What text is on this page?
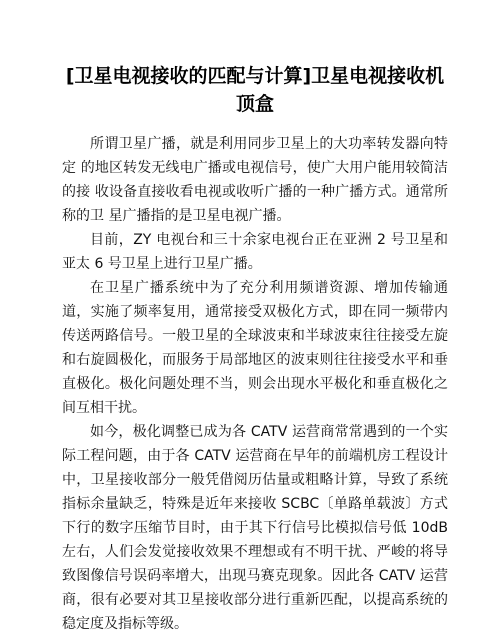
[卫星电视接收的匹配与计算]卫星电视接收机顶盒

所谓卫星广播，就是利用同步卫星上的大功率转发器向特定 的地区转发无线电广播或电视信号，使广大用户能用较简洁的接 收设备直接收看电视或收听广播的一种广播方式。通常所称的卫 星广播指的是卫星电视广播。

目前，ZY 电视台和三十余家电视台正在亚洲 2 号卫星和亚太 6 号卫星上进行卫星广播。

在卫星广播系统中为了充分利用频谱资源、增加传输通道，实施了频率复用，通常接受双极化方式，即在同一频带内传送两路信号。一般卫星的全球波束和半球波束往往接受左旋和右旋圆极化，而服务于局部地区的波束则往往接受水平和垂直极化。极化问题处理不当，则会出现水平极化和垂直极化之间互相干扰。

如今，极化调整已成为各 CATV 运营商常常遇到的一个实际工程问题，由于各 CATV 运营商在早年的前端机房工程设计中，卫星接收部分一般凭借阅历估量或粗略计算，导致了系统指标余量缺乏，特殊是近年来接收 SCBC〔单路单载波〕方式下行的数字压缩节目时，由于其下行信号比模拟信号低 10dB 左右，人们会发觉接收效果不理想或有不明干扰、严峻的将导致图像信号误码率增大，出现马赛克现象。因此各 CATV 运营商，很有必要对其卫星接收部分进行重新匹配，以提高系统的稳定度及指标等级。
